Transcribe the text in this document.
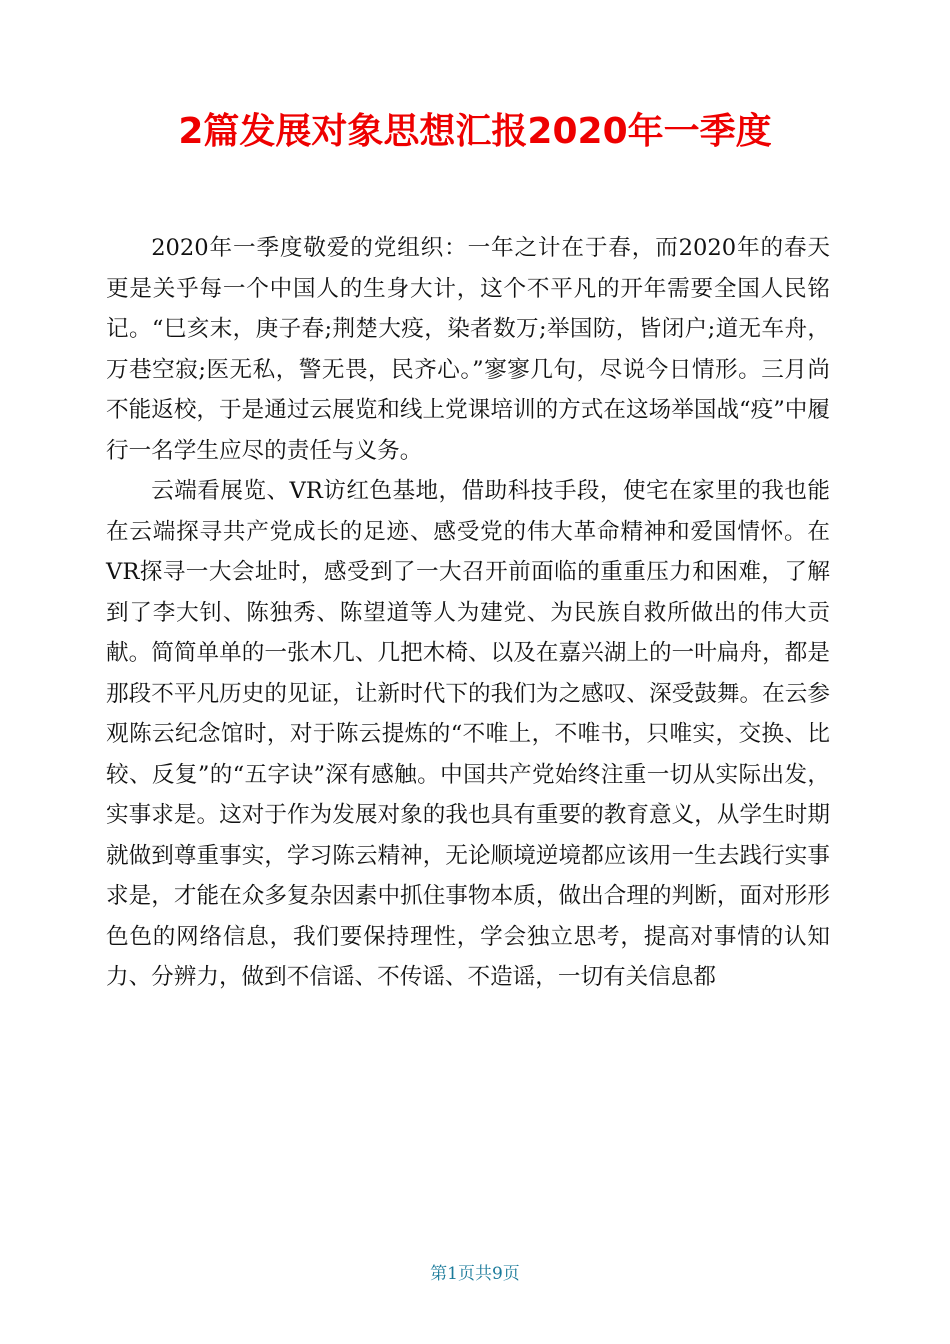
2篇发展对象思想汇报2020年一季度

2020年一季度敬爱的党组织：一年之计在于春，而2020年的春天更是关乎每一个中国人的生身大计，这个不平凡的开年需要全国人民铭记。“巳亥末，庚子春;荆楚大疫，染者数万;举国防，皆闭户;道无车舟，万巷空寂;医无私，警无畏，民齐心。”寥寥几句，尽说今日情形。三月尚不能返校，于是通过云展览和线上党课培训的方式在这场举国战“疫”中履行一名学生应尽的责任与义务。

云端看展览、VR访红色基地，借助科技手段，使宅在家里的我也能在云端探寻共产党成长的足迹、感受党的伟大革命精神和爱国情怀。在VR探寻一大会址时，感受到了一大召开前面临的重重压力和困难，了解到了李大钊、陈独秀、陈望道等人为建党、为民族自救所做出的伟大贡献。简简单单的一张木几、几把木椅、以及在嘉兴湖上的一叶扁舟，都是那段不平凡历史的见证，让新时代下的我们为之感叹、深受鼓舞。在云参观陈云纪念馆时，对于陈云提炼的“不唯上，不唯书，只唯实，交换、比较、反复”的“五字诀”深有感触。中国共产党始终注重一切从实际出发，实事求是。这对于作为发展对象的我也具有重要的教育意义，从学生时期就做到尊重事实，学习陈云精神，无论顺境逆境都应该用一生去践行实事求是，才能在众多复杂因素中抓住事物本质，做出合理的判断，面对形形色色的网络信息，我们要保持理性，学会独立思考，提高对事情的认知力、分辨力，做到不信谣、不传谣、不造谣，一切有关信息都

第1页共9页
